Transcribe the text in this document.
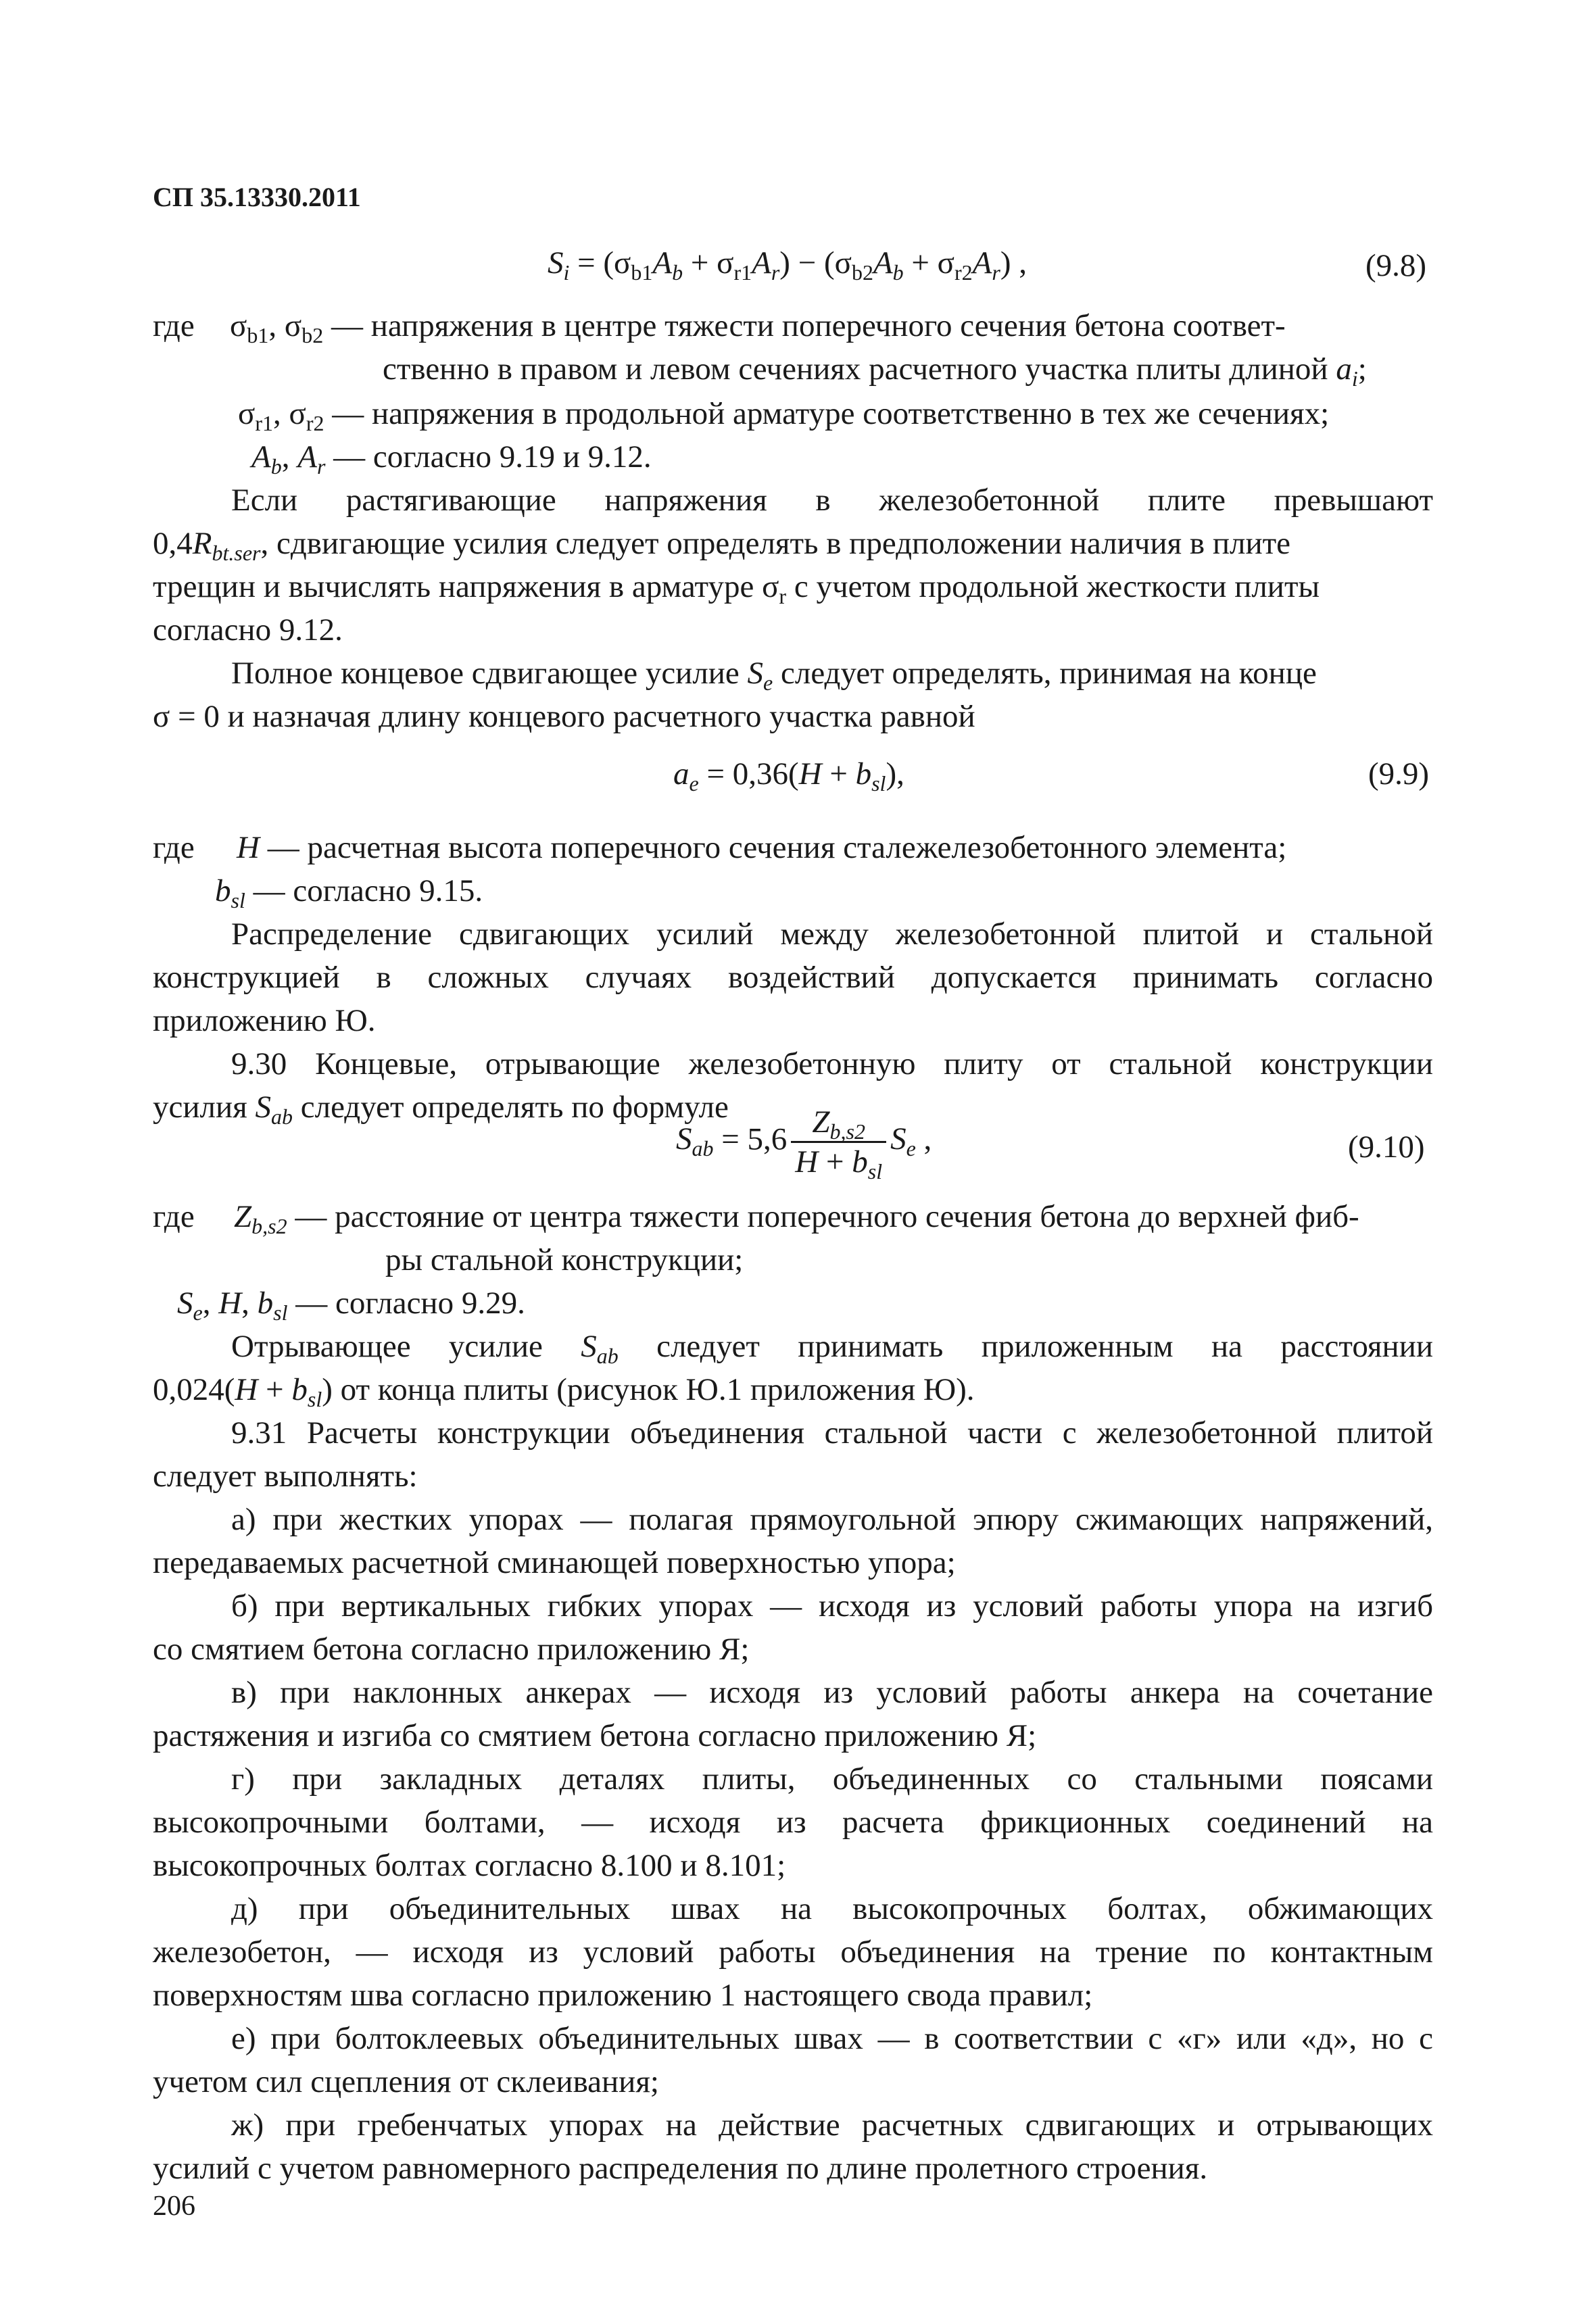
СП 35.13330.2011
$S_i = (\sigma_{b1}A_b + \sigma_{r1}A_r) - (\sigma_{b2}A_b + \sigma_{r2}A_r)$ ,	(9.8)
где $\sigma_{b1}$, $\sigma_{b2}$ — напряжения в центре тяжести поперечного сечения бетона соответ-
ственно в правом и левом сечениях расчетного участка плиты длиной $a_i$;
$\sigma_{r1}$, $\sigma_{r2}$ — напряжения в продольной арматуре соответственно в тех же сечениях;
$A_b$, $A_r$ — согласно 9.19 и 9.12.
Если растягивающие напряжения в железобетонной плите превышают
$0,4R_{bt.ser}$, сдвигающие усилия следует определять в предположении наличия в плите
трещин и вычислять напряжения в арматуре $\sigma_r$ с учетом продольной жесткости плиты
согласно 9.12.
Полное концевое сдвигающее усилие $S_e$ следует определять, принимая на конце
σ = 0 и назначая длину концевого расчетного участка равной
$a_e = 0,36(H + b_{sl})$,	(9.9)
где H — расчетная высота поперечного сечения сталежелезобетонного элемента;
$b_{sl}$ — согласно 9.15.
Распределение сдвигающих усилий между железобетонной плитой и стальной
конструкцией в сложных случаях воздействий допускается принимать согласно
приложению Ю.
9.30 Концевые, отрывающие железобетонную плиту от стальной конструкции
усилия $S_{ab}$ следует определять по формуле
$S_{ab} = 5,6 \frac{Z_{b,s2}}{H + b_{sl}} S_e$ ,	(9.10)
где $Z_{b,s2}$ — расстояние от центра тяжести поперечного сечения бетона до верхней фиб-
ры стальной конструкции;
$S_e$, H, $b_{sl}$ — согласно 9.29.
Отрывающее усилие $S_{ab}$ следует принимать приложенным на расстоянии
$0,024(H + b_{sl})$ от конца плиты (рисунок Ю.1 приложения Ю).
9.31 Расчеты конструкции объединения стальной части с железобетонной плитой
следует выполнять:
а) при жестких упорах — полагая прямоугольной эпюру сжимающих напряжений,
передаваемых расчетной сминающей поверхностью упора;
б) при вертикальных гибких упорах — исходя из условий работы упора на изгиб
со смятием бетона согласно приложению Я;
в) при наклонных анкерах — исходя из условий работы анкера на сочетание
растяжения и изгиба со смятием бетона согласно приложению Я;
г) при закладных деталях плиты, объединенных со стальными поясами
высокопрочными болтами, — исходя из расчета фрикционных соединений на
высокопрочных болтах согласно 8.100 и 8.101;
д) при объединительных швах на высокопрочных болтах, обжимающих
железобетон, — исходя из условий работы объединения на трение по контактным
поверхностям шва согласно приложению 1 настоящего свода правил;
е) при болтоклеевых объединительных швах — в соответствии с «г» или «д», но с
учетом сил сцепления от склеивания;
ж) при гребенчатых упорах на действие расчетных сдвигающих и отрывающих
усилий с учетом равномерного распределения по длине пролетного строения.
206
